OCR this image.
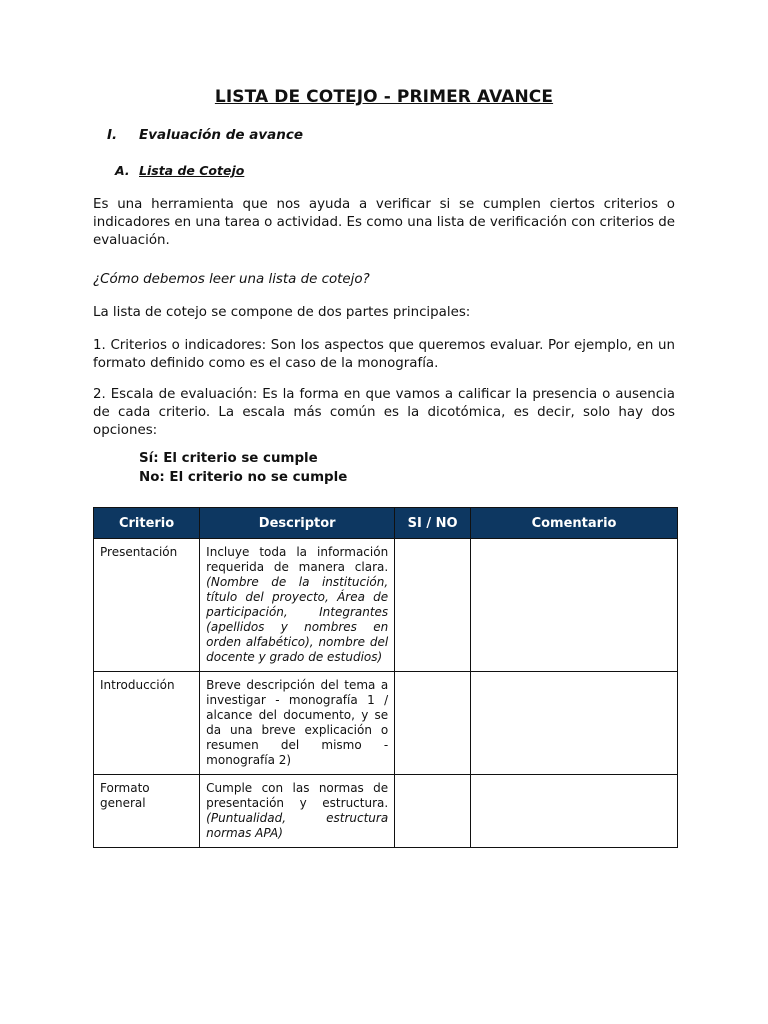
LISTA DE COTEJO - PRIMER AVANCE
I. Evaluación de avance
A. Lista de Cotejo
Es una herramienta que nos ayuda a verificar si se cumplen ciertos criterios o indicadores en una tarea o actividad. Es como una lista de verificación con criterios de evaluación.
¿Cómo debemos leer una lista de cotejo?
La lista de cotejo se compone de dos partes principales:
1. Criterios o indicadores: Son los aspectos que queremos evaluar. Por ejemplo, en un formato definido como es el caso de la monografía.
2. Escala de evaluación: Es la forma en que vamos a calificar la presencia o ausencia de cada criterio. La escala más común es la dicotómica, es decir, solo hay dos opciones:
Sí: El criterio se cumple
No: El criterio no se cumple
Criterio	Descriptor	SI / NO	Comentario
Presentación	Incluye toda la información requerida de manera clara. (Nombre de la institución, título del proyecto, Área de participación, Integrantes (apellidos y nombres en orden alfabético), nombre del docente y grado de estudios)		
Introducción	Breve descripción del tema a investigar - monografía 1 / alcance del documento, y se da una breve explicación o resumen del mismo - monografía 2)		
Formato general	Cumple con las normas de presentación y estructura. (Puntualidad, estructura normas APA)		
